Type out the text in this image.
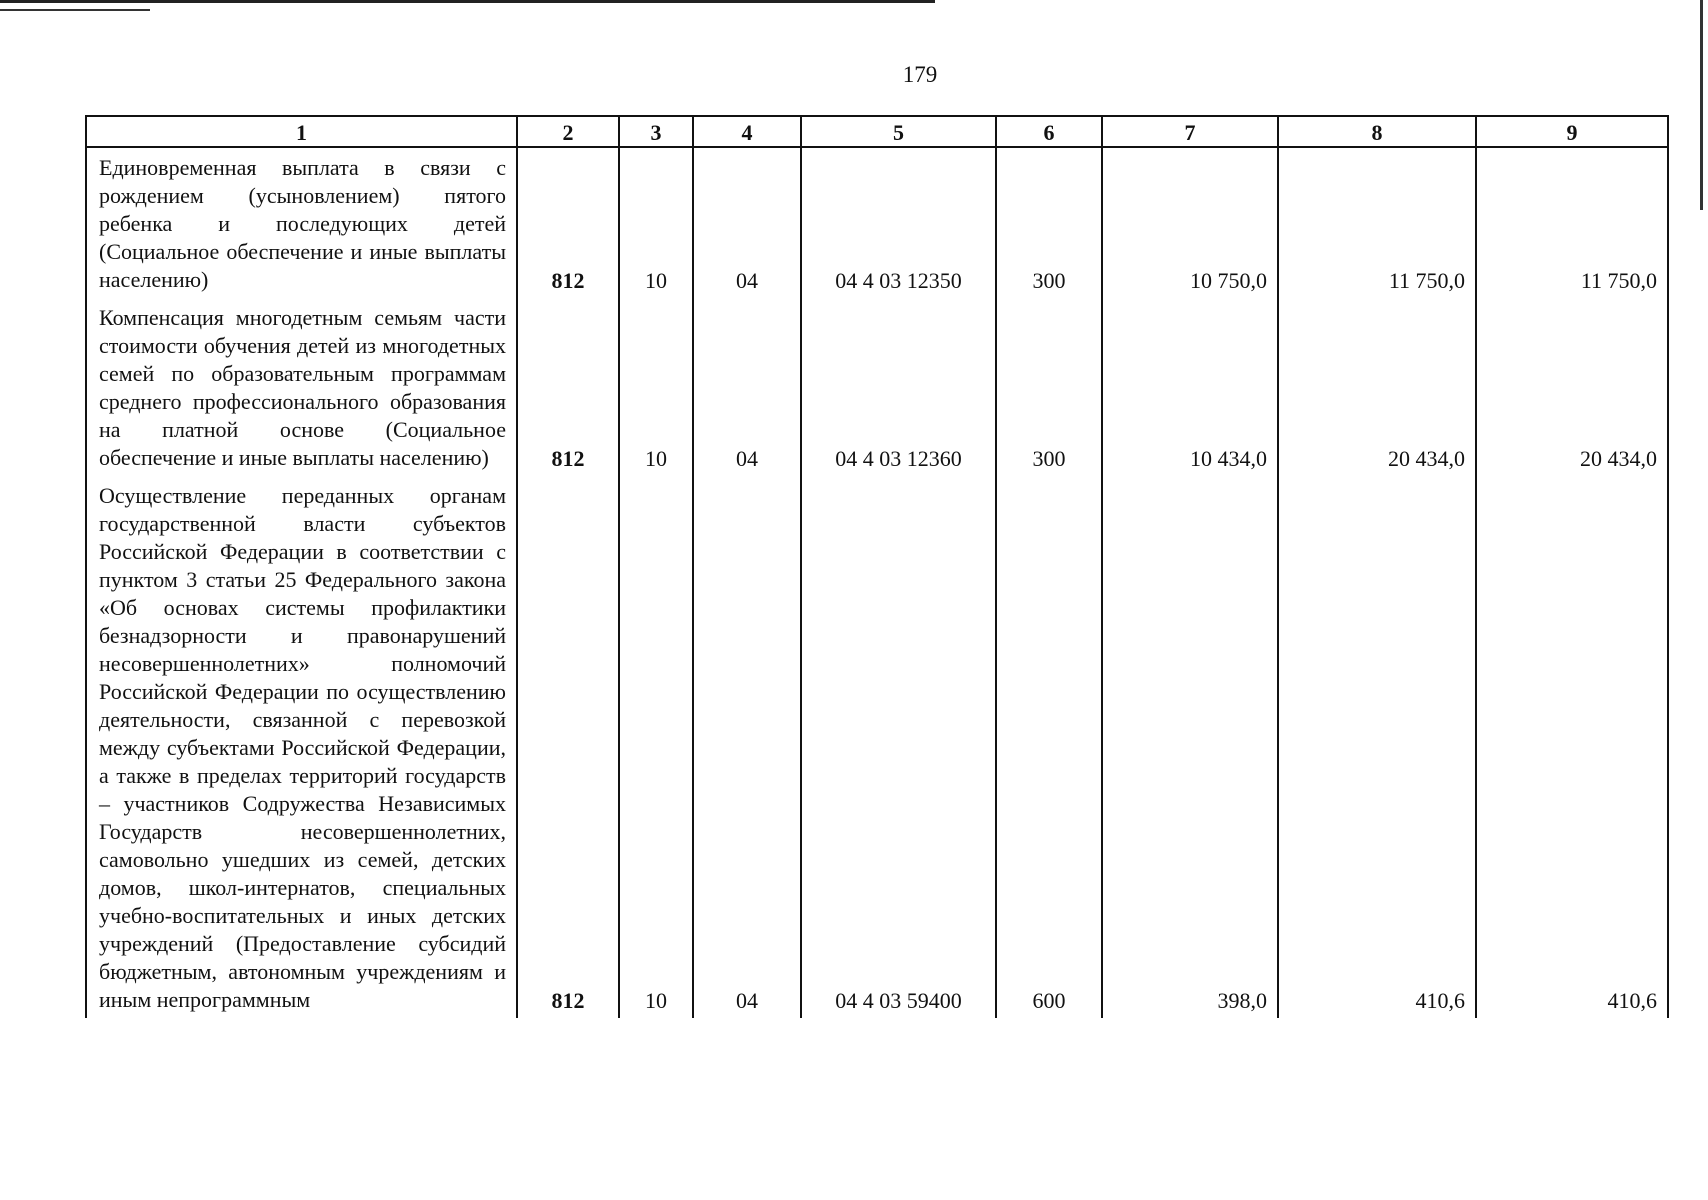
179
1	2	3	4	5	6	7	8	9
Единовременная выплата в связи с рождением (усыновлением) пятого ребенка и последующих детей (Социальное обеспечение и иные выплаты населению)	812	10	04	04 4 03 12350	300	10 750,0	11 750,0	11 750,0
Компенсация многодетным семьям части стоимости обучения детей из многодетных семей по образовательным программам среднего профессионального образования на платной основе (Социальное обеспечение и иные выплаты населению)	812	10	04	04 4 03 12360	300	10 434,0	20 434,0	20 434,0
Осуществление переданных органам государственной власти субъектов Российской Федерации в соответствии с пунктом 3 статьи 25 Федерального закона «Об основах системы профилактики безнадзорности и правонарушений несовершеннолетних» полномочий Российской Федерации по осуществлению деятельности, связанной с перевозкой между субъектами Российской Федерации, а также в пределах территорий государств – участников Содружества Независимых Государств несовершеннолетних, самовольно ушедших из семей, детских домов, школ-интернатов, специальных учебно-воспитательных и иных детских учреждений (Предоставление субсидий бюджетным, автономным учреждениям и иным непрограммным	812	10	04	04 4 03 59400	600	398,0	410,6	410,6
